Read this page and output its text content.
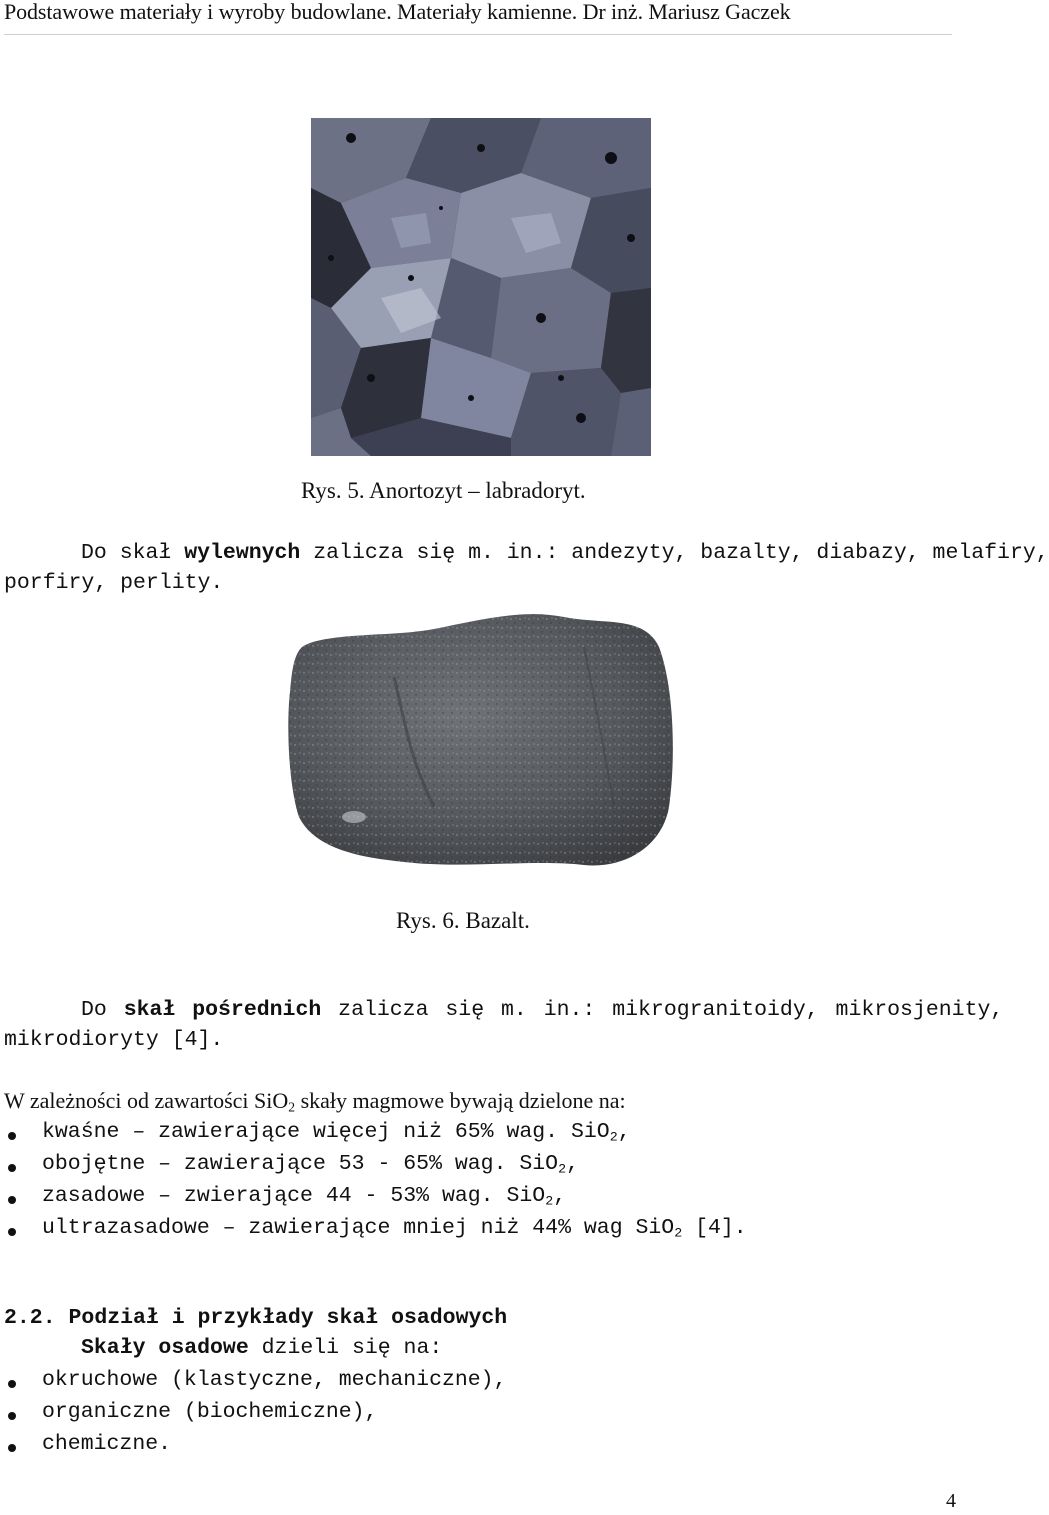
Podstawowe materiały i wyroby budowlane. Materiały kamienne. Dr inż. Mariusz Gaczek
Rys. 5. Anortozyt – labradoryt.
Do skał wylewnych zalicza się m. in.: andezyty, bazalty, diabazy, melafiry,
porfiry, perlity.
Rys. 6. Bazalt.
Do skał pośrednich zalicza się m. in.: mikrogranitoidy, mikrosjenity,
mikrodioryty [4].
W zależności od zawartości SiO$_2$ skały magmowe bywają dzielone na:
kwaśne – zawierające więcej niż 65% wag. SiO$_2$,
obojętne – zawierające 53 - 65% wag. SiO$_2$,
zasadowe – zwierające 44 - 53% wag. SiO$_2$,
ultrazasadowe – zawierające mniej niż 44% wag SiO$_2$ [4].
2.2. Podział i przykłady skał osadowych
Skały osadowe dzieli się na:
okruchowe (klastyczne, mechaniczne),
organiczne (biochemiczne),
chemiczne.
4
